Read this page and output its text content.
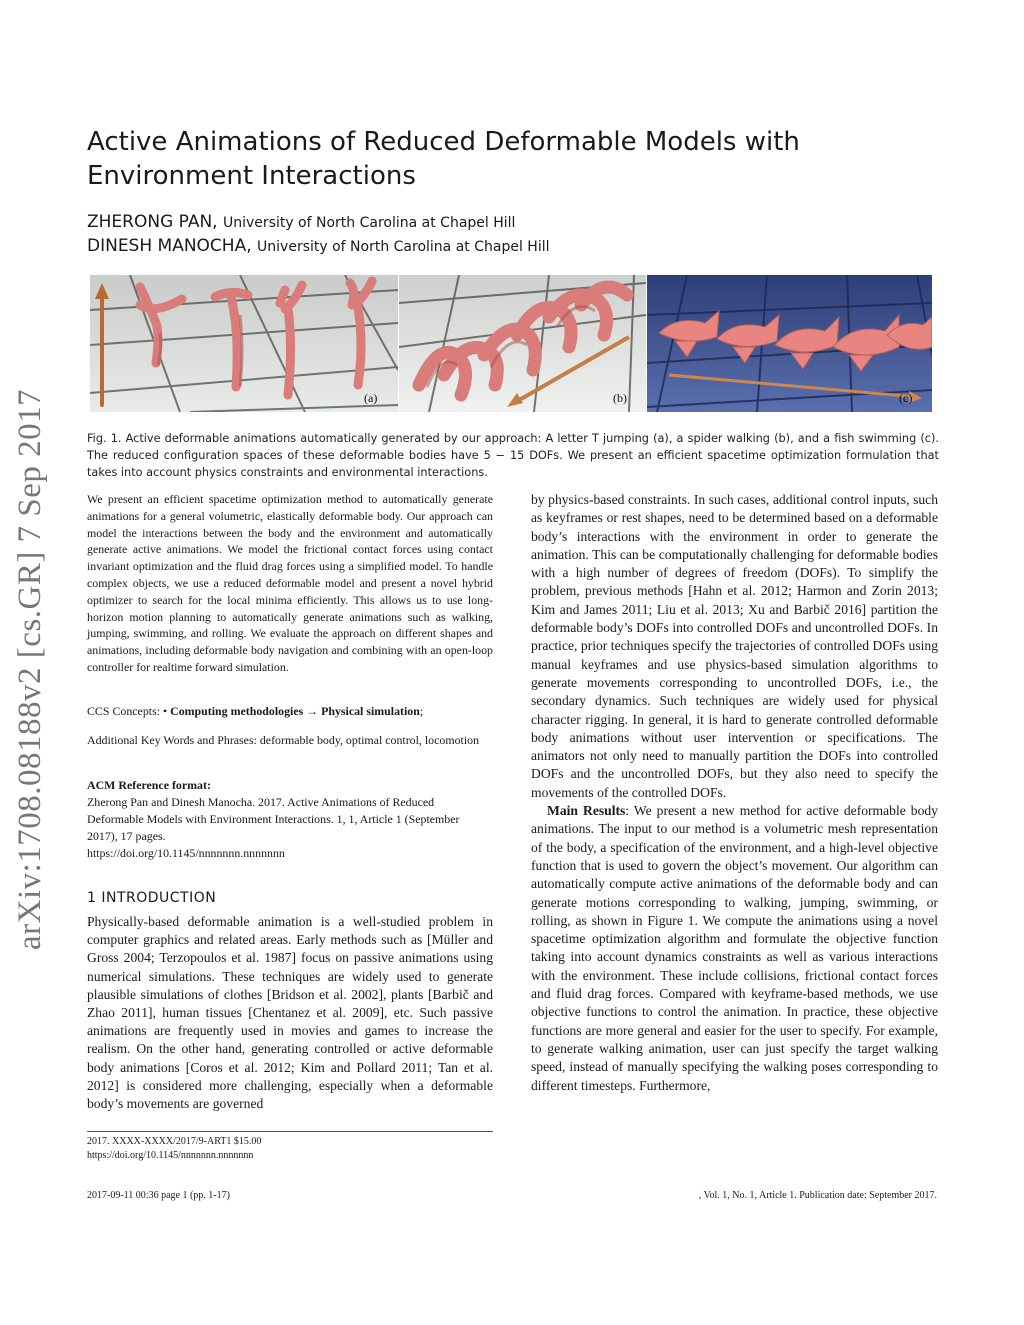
arXiv:1708.08188v2 [cs.GR] 7 Sep 2017
Active Animations of Reduced Deformable Models with Environment Interactions
ZHERONG PAN, University of North Carolina at Chapel Hill
DINESH MANOCHA, University of North Carolina at Chapel Hill
(a)	(b)	(c)
Fig. 1. Active deformable animations automatically generated by our approach: A letter T jumping (a), a spider walking (b), and a fish swimming (c). The reduced configuration spaces of these deformable bodies have 5 − 15 DOFs. We present an efficient spacetime optimization formulation that takes into account physics constraints and environmental interactions.

We present an efficient spacetime optimization method to automatically generate animations for a general volumetric, elastically deformable body. Our approach can model the interactions between the body and the environment and automatically generate active animations. We model the frictional contact forces using contact invariant optimization and the fluid drag forces using a simplified model. To handle complex objects, we use a reduced deformable model and present a novel hybrid optimizer to search for the local minima efficiently. This allows us to use long-horizon motion planning to automatically generate animations such as walking, jumping, swimming, and rolling. We evaluate the approach on different shapes and animations, including deformable body navigation and combining with an open-loop controller for realtime forward simulation.

CCS Concepts: • Computing methodologies → Physical simulation;
Additional Key Words and Phrases: deformable body, optimal control, locomotion
ACM Reference format:
Zherong Pan and Dinesh Manocha. 2017. Active Animations of Reduced Deformable Models with Environment Interactions. 1, 1, Article 1 (September 2017), 17 pages.
https://doi.org/10.1145/nnnnnnn.nnnnnnn
1 INTRODUCTION

Physically-based deformable animation is a well-studied problem in computer graphics and related areas. Early methods such as [Müller and Gross 2004; Terzopoulos et al. 1987] focus on passive animations using numerical simulations. These techniques are widely used to generate plausible simulations of clothes [Bridson et al. 2002], plants [Barbič and Zhao 2011], human tissues [Chentanez et al. 2009], etc. Such passive animations are frequently used in movies and games to increase the realism. On the other hand, generating controlled or active deformable body animations [Coros et al. 2012; Kim and Pollard 2011; Tan et al. 2012] is considered more challenging, especially when a deformable body’s movements are governed

by physics-based constraints. In such cases, additional control inputs, such as keyframes or rest shapes, need to be determined based on a deformable body’s interactions with the environment in order to generate the animation. This can be computationally challenging for deformable bodies with a high number of degrees of freedom (DOFs). To simplify the problem, previous methods [Hahn et al. 2012; Harmon and Zorin 2013; Kim and James 2011; Liu et al. 2013; Xu and Barbič 2016] partition the deformable body’s DOFs into controlled DOFs and uncontrolled DOFs. In practice, prior techniques specify the trajectories of controlled DOFs using manual keyframes and use physics-based simulation algorithms to generate movements corresponding to uncontrolled DOFs, i.e., the secondary dynamics. Such techniques are widely used for physical character rigging. In general, it is hard to generate controlled deformable body animations without user intervention or specifications. The animators not only need to manually partition the DOFs into controlled DOFs and the uncontrolled DOFs, but they also need to specify the movements of the controlled DOFs.

Main Results: We present a new method for active deformable body animations. The input to our method is a volumetric mesh representation of the body, a specification of the environment, and a high-level objective function that is used to govern the object’s movement. Our algorithm can automatically compute active animations of the deformable body and can generate motions corresponding to walking, jumping, swimming, or rolling, as shown in Figure 1. We compute the animations using a novel spacetime optimization algorithm and formulate the objective function taking into account dynamics constraints as well as various interactions with the environment. These include collisions, frictional contact forces and fluid drag forces. Compared with keyframe-based methods, we use objective functions to control the animation. In practice, these objective functions are more general and easier for the user to specify. For example, to generate walking animation, user can just specify the target walking speed, instead of manually specifying the walking poses corresponding to different timesteps. Furthermore,

2017. XXXX-XXXX/2017/9-ART1 $15.00
https://doi.org/10.1145/nnnnnnn.nnnnnnn
2017-09-11 00:36 page 1 (pp. 1-17)	, Vol. 1, No. 1, Article 1. Publication date: September 2017.
